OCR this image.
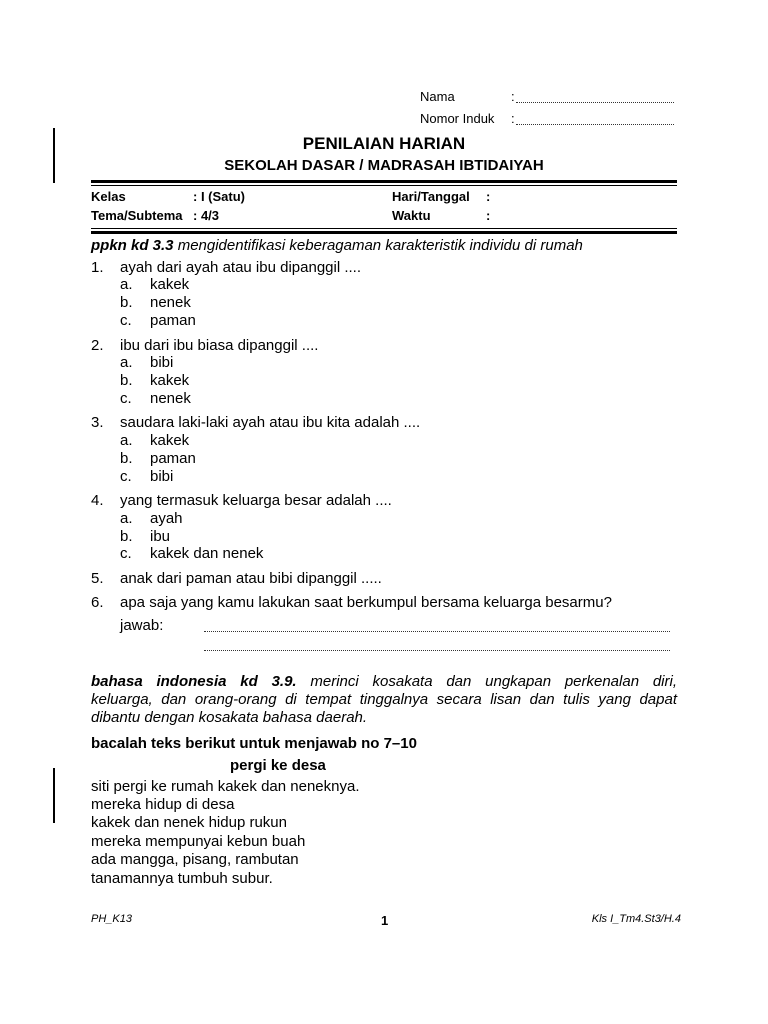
Nama	:
Nomor Induk :
PENILAIAN HARIAN
SEKOLAH DASAR / MADRASAH IBTIDAIYAH
Kelas	: I (Satu)
Tema/Subtema : 4/3
Hari/Tanggal :
Waktu	:
ppkn kd 3.3 mengidentifikasi keberagaman karakteristik individu di rumah
1. ayah dari ayah atau ibu dipanggil ....
a. kakek
b. nenek
c. paman
2. ibu dari ibu biasa dipanggil ....
a. bibi
b. kakek
c. nenek
3. saudara laki-laki ayah atau ibu kita adalah ....
a. kakek
b. paman
c. bibi
4. yang termasuk keluarga besar adalah ....
a. ayah
b. ibu
c. kakek dan nenek
5. anak dari paman atau bibi dipanggil .....
6. apa saja yang kamu lakukan saat berkumpul bersama keluarga besarmu?
jawab:
bahasa indonesia kd 3.9. merinci kosakata dan ungkapan perkenalan diri,
keluarga, dan orang-orang di tempat tinggalnya secara lisan dan tulis yang dapat
dibantu dengan kosakata bahasa daerah.
bacalah teks berikut untuk menjawab no 7–10
pergi ke desa
siti pergi ke rumah kakek dan neneknya.
mereka hidup di desa
kakek dan nenek hidup rukun
mereka mempunyai kebun buah
ada mangga, pisang, rambutan
tanamannya tumbuh subur.
PH_K13	1	Kls I_Tm4.St3/H.4
